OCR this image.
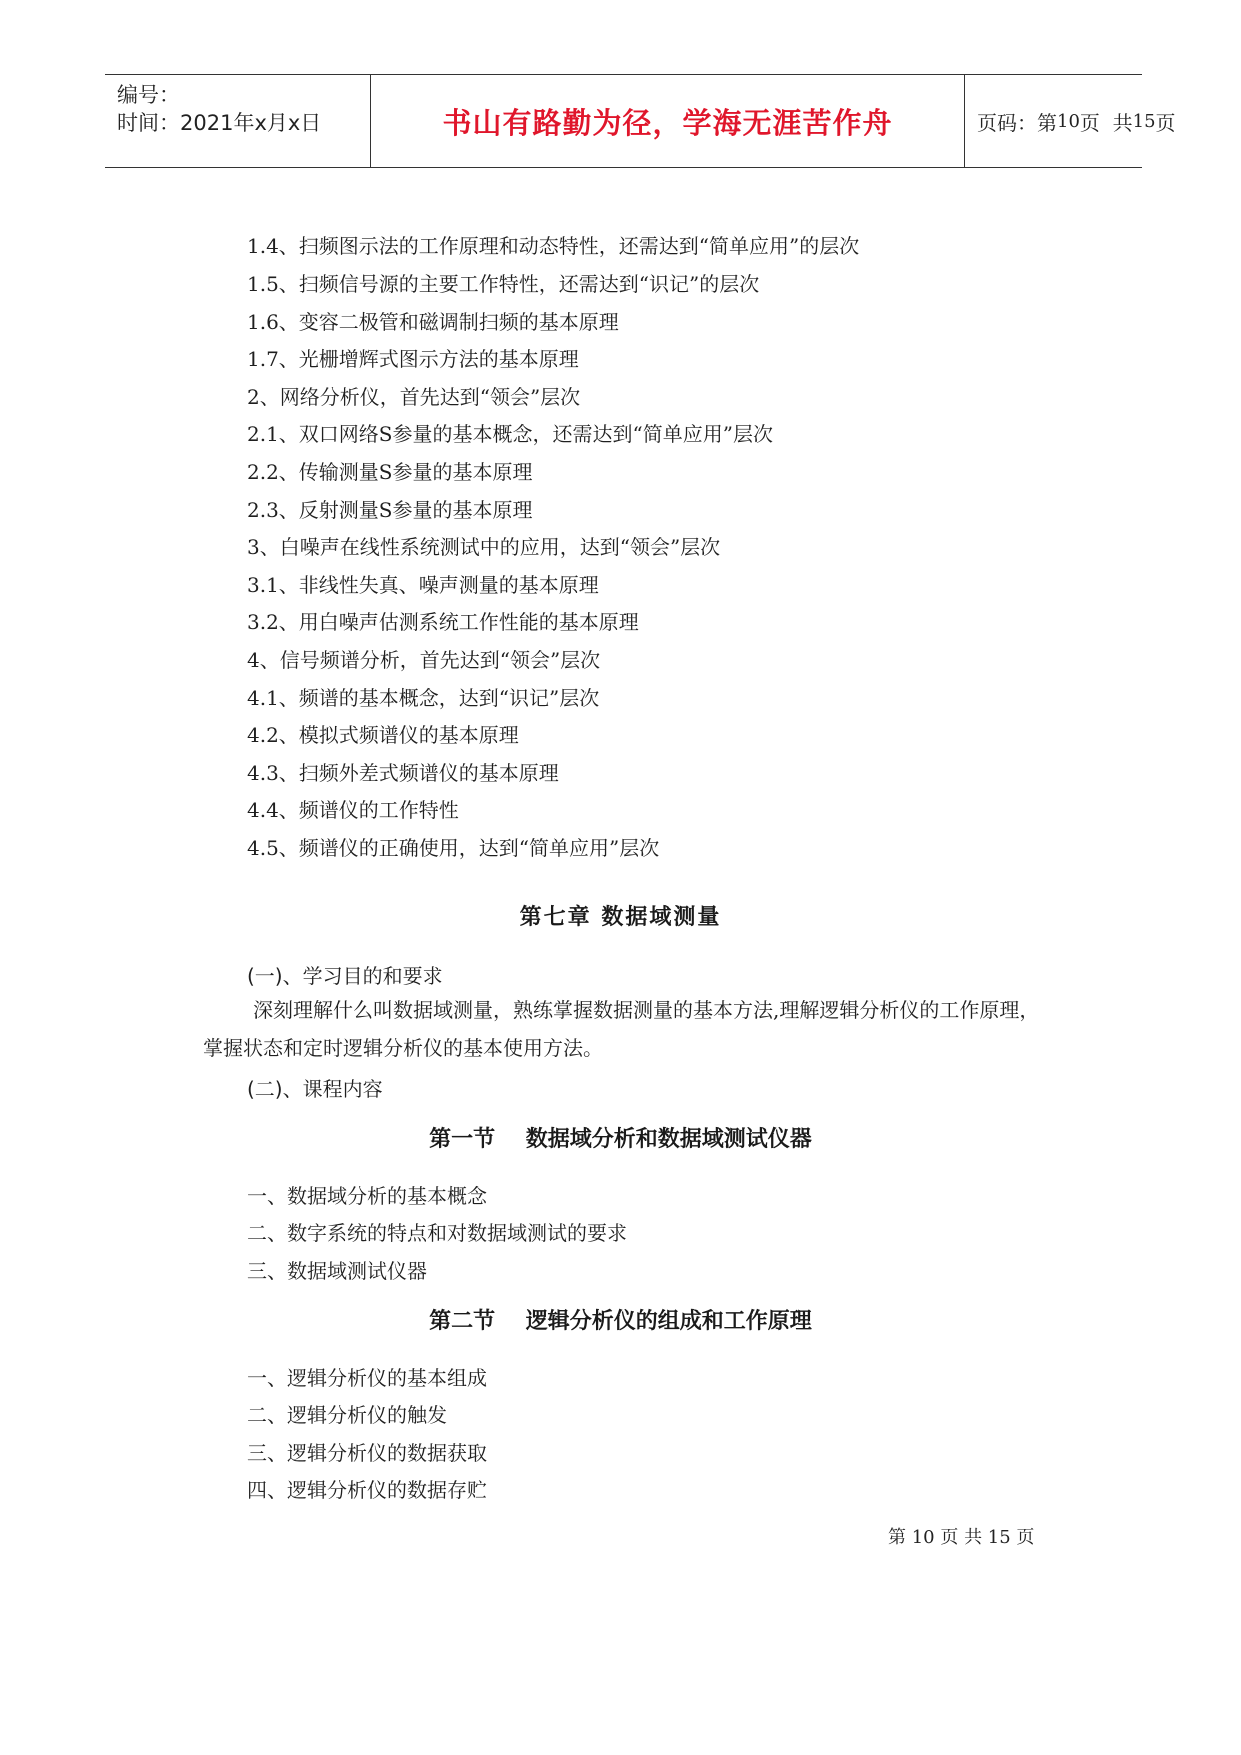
编号：
时间：2021年x月x日	书山有路勤为径，学海无涯苦作舟	页码：第 10 页  共 15 页
1.4、扫频图示法的工作原理和动态特性，还需达到“简单应用”的层次
1.5、扫频信号源的主要工作特性，还需达到“识记”的层次
1.6、变容二极管和磁调制扫频的基本原理
1.7、光栅增辉式图示方法的基本原理
2、网络分析仪，首先达到“领会”层次
2.1、双口网络S参量的基本概念，还需达到“简单应用”层次
2.2、传输测量S参量的基本原理
2.3、反射测量S参量的基本原理
3、白噪声在线性系统测试中的应用，达到“领会”层次
3.1、非线性失真、噪声测量的基本原理
3.2、用白噪声估测系统工作性能的基本原理
4、信号频谱分析，首先达到“领会”层次
4.1、频谱的基本概念，达到“识记”层次
4.2、模拟式频谱仪的基本原理
4.3、扫频外差式频谱仪的基本原理
4.4、频谱仪的工作特性
4.5、频谱仪的正确使用，达到“简单应用”层次
第七章 数据域测量
(一)、学习目的和要求
深刻理解什么叫数据域测量，熟练掌握数据测量的基本方法,理解逻辑分析仪的工作原理，掌握状态和定时逻辑分析仪的基本使用方法。
(二)、课程内容
第一节    数据域分析和数据域测试仪器
一、数据域分析的基本概念
二、数字系统的特点和对数据域测试的要求
三、数据域测试仪器
第二节    逻辑分析仪的组成和工作原理
一、逻辑分析仪的基本组成
二、逻辑分析仪的触发
三、逻辑分析仪的数据获取
四、逻辑分析仪的数据存贮
第 10 页 共 15 页
